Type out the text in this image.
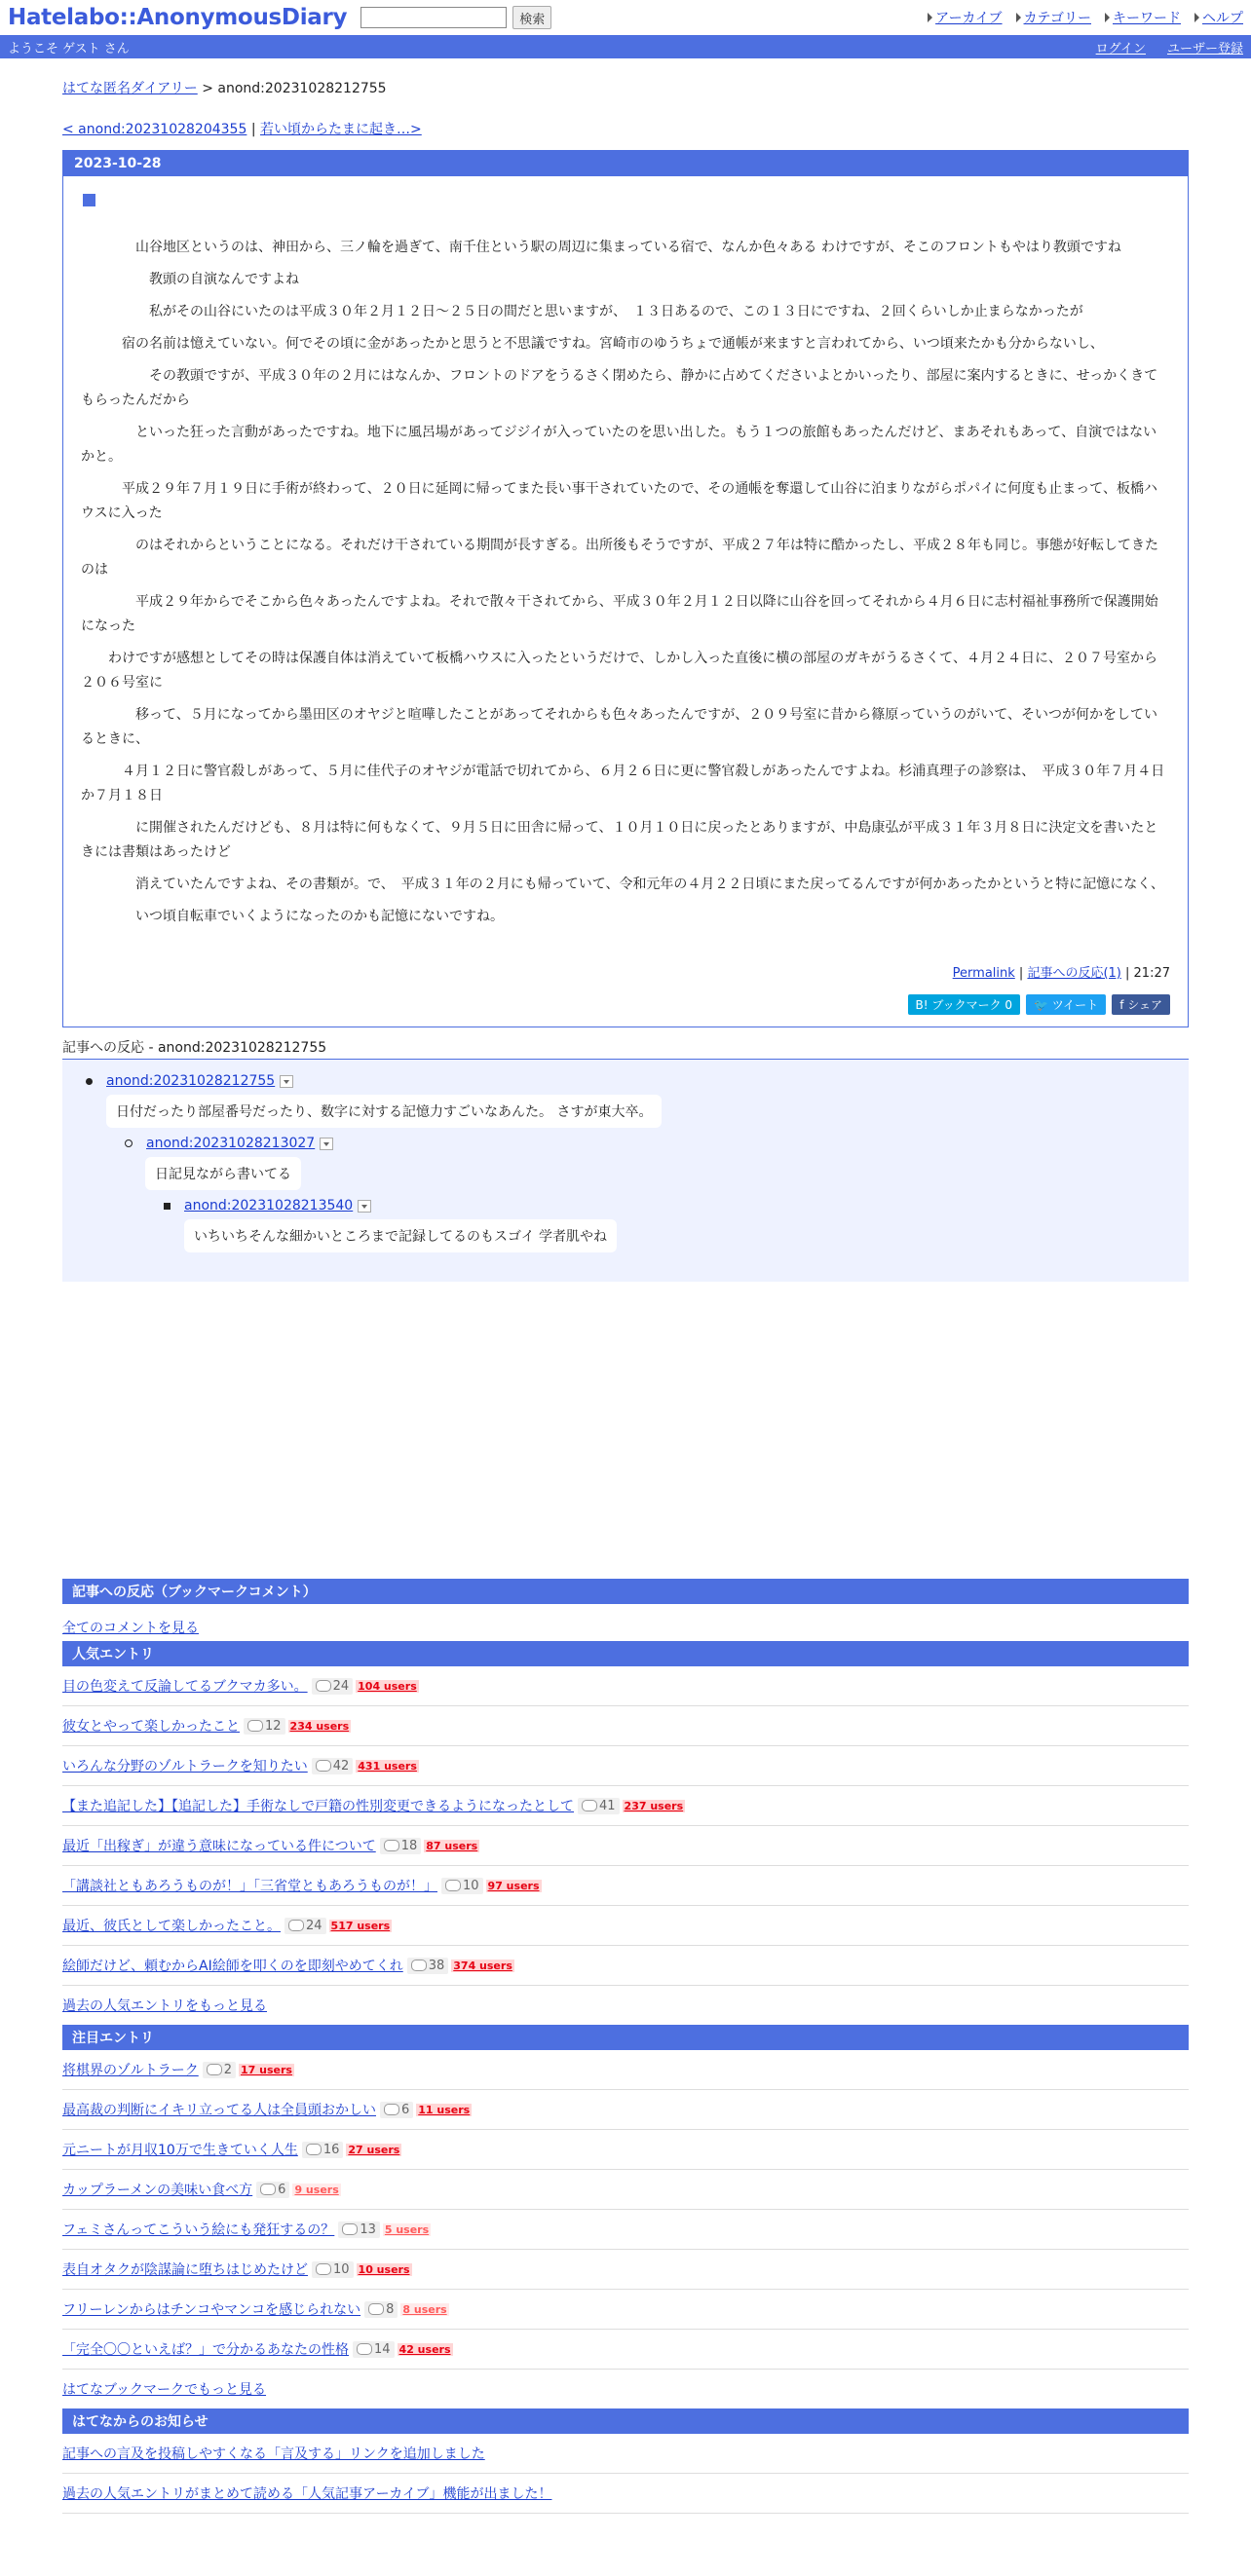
Hatelabo::AnonymousDiary	検索	アーカイブ カテゴリー キーワード ヘルプ
ようこそ ゲスト さん	ログイン ユーザー登録
はてな匿名ダイアリー > anond:20231028212755
< anond:20231028204355 | 若い頃からたまに起き…>
2023-10-28

　　　　山谷地区というのは、神田から、三ノ輪を過ぎて、南千住という駅の周辺に集まっている宿で、なんか色々ある わけですが、そこのフロントもやはり教頭ですね

　　　　　教頭の自演なんですよね

　　　　　私がその山谷にいたのは平成３０年２月１２日〜２５日の間だと思いますが、　１３日あるので、この１３日にですね、２回くらいしか止まらなかったが

　　　宿の名前は憶えていない。何でその頃に金があったかと思うと不思議ですね。宮崎市のゆうちょで通帳が来ますと言われてから、いつ頃来たかも分からないし、

　　　　　その教頭ですが、平成３０年の２月にはなんか、フロントのドアをうるさく閉めたら、静かに占めてくださいよとかいったり、部屋に案内するときに、せっかくきてもらったんだから

　　　　といった狂った言動があったですね。地下に風呂場があってジジイが入っていたのを思い出した。もう１つの旅館もあったんだけど、まあそれもあって、自演ではないかと。

　　　平成２９年７月１９日に手術が終わって、２０日に延岡に帰ってまた長い事干されていたので、その通帳を奪還して山谷に泊まりながらポパイに何度も止まって、板橋ハウスに入った

　　　　のはそれからということになる。それだけ干されている期間が長すぎる。出所後もそうですが、平成２７年は特に酷かったし、平成２８年も同じ。事態が好転してきたのは

　　　　平成２９年からでそこから色々あったんですよね。それで散々干されてから、平成３０年２月１２日以降に山谷を回ってそれから４月６日に志村福祉事務所で保護開始になった

　　わけですが感想としてその時は保護自体は消えていて板橋ハウスに入ったというだけで、しかし入った直後に横の部屋のガキがうるさくて、４月２４日に、２０７号室から２０６号室に

　　　　移って、５月になってから墨田区のオヤジと喧嘩したことがあってそれからも色々あったんですが、２０９号室に昔から篠原っていうのがいて、そいつが何かをしているときに、

　　　４月１２日に警官殺しがあって、５月に佳代子のオヤジが電話で切れてから、６月２６日に更に警官殺しがあったんですよね。杉浦真理子の診察は、　平成３０年７月４日か７月１８日

　　　　に開催されたんだけども、８月は特に何もなくて、９月５日に田舎に帰って、１０月１０日に戻ったとありますが、中島康弘が平成３１年３月８日に決定文を書いたときには書類はあったけど

　　　　消えていたんですよね、その書類が。で、　平成３１年の２月にも帰っていて、令和元年の４月２２日頃にまた戻ってるんですが何かあったかというと特に記憶になく、

　　　　いつ頃自転車でいくようになったのかも記憶にないですね。

Permalink | 記事への反応(1) | 21:27
B! ブックマーク 0	🐦 ツイート	f シェア
記事への反応 - anond:20231028212755
anond:20231028212755
日付だったり部屋番号だったり、数字に対する記憶力すごいなあんた。 さすが東大卒。
anond:20231028213027
日記見ながら書いてる
anond:20231028213540
いちいちそんな細かいところまで記録してるのもスゴイ 学者肌やね
記事への反応（ブックマークコメント）
全てのコメントを見る
人気エントリ
目の色変えて反論してるブクマカ多い。 24 104 users
彼女とやって楽しかったこと 12 234 users
いろんな分野のゾルトラークを知りたい 42 431 users
【また追記した】【追記した】手術なしで戸籍の性別変更できるようになったとして 41 237 users
最近「出稼ぎ」が違う意味になっている件について 18 87 users
「講談社ともあろうものが！」「三省堂ともあろうものが！」 10 97 users
最近、彼氏として楽しかったこと。 24 517 users
絵師だけど、頼むからAI絵師を叩くのを即刻やめてくれ 38 374 users
過去の人気エントリをもっと見る
注目エントリ
将棋界のゾルトラーク 2 17 users
最高裁の判断にイキリ立ってる人は全員頭おかしい 6 11 users
元ニートが月収10万で生きていく人生 16 27 users
カップラーメンの美味い食べ方 6 9 users
フェミさんってこういう絵にも発狂するの？ 13 5 users
表自オタクが陰謀論に堕ちはじめたけど 10 10 users
フリーレンからはチンコやマンコを感じられない 8 8 users
「完全〇〇といえば？」で分かるあなたの性格 14 42 users
はてなブックマークでもっと見る
はてなからのお知らせ
記事への言及を投稿しやすくなる「言及する」リンクを追加しました
過去の人気エントリがまとめて読める「人気記事アーカイブ」機能が出ました！
